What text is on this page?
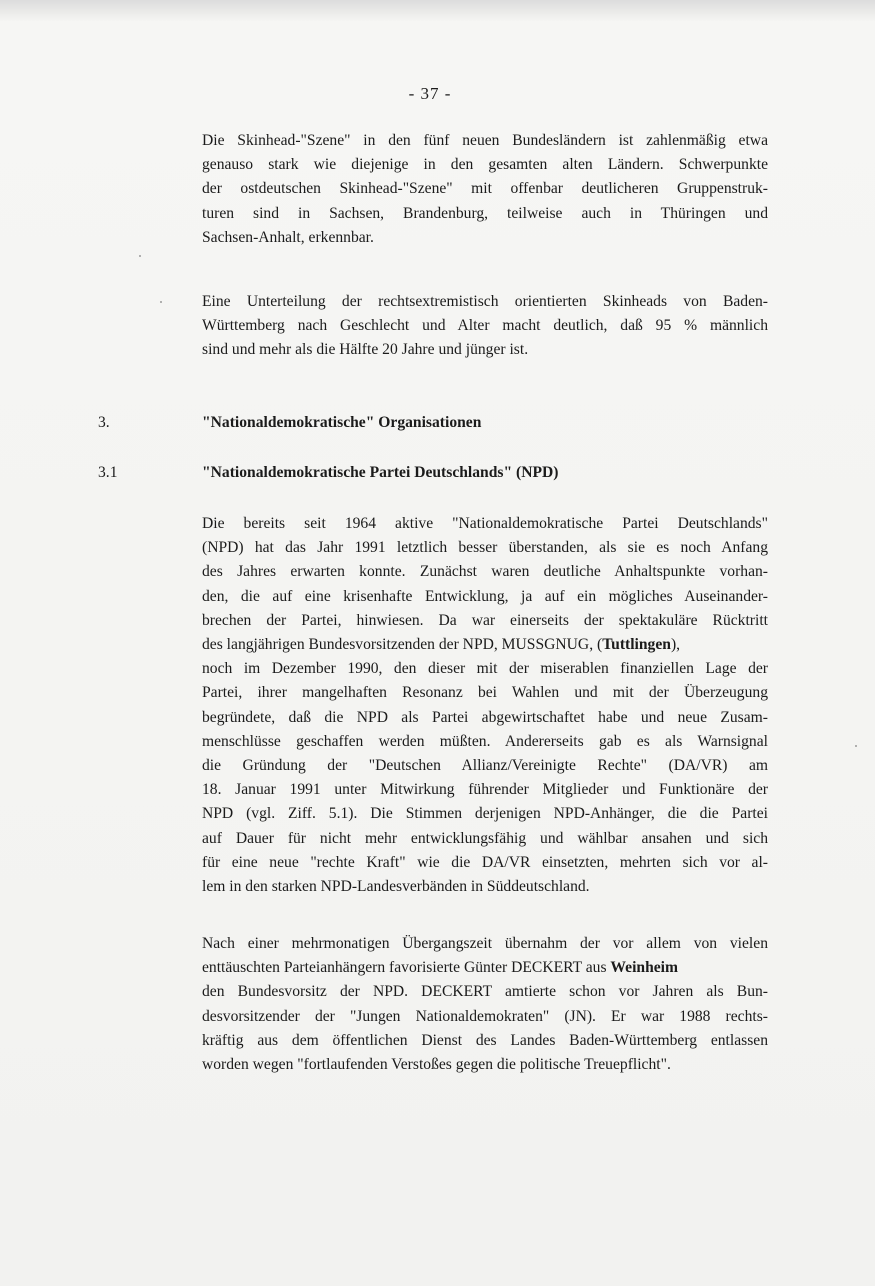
- 37 -
Die Skinhead-"Szene" in den fünf neuen Bundesländern ist zahlenmäßig etwa
genauso stark wie diejenige in den gesamten alten Ländern. Schwerpunkte
der ostdeutschen Skinhead-"Szene" mit offenbar deutlicheren Gruppenstruk-
turen sind in Sachsen, Brandenburg, teilweise auch in Thüringen und
Sachsen-Anhalt, erkennbar.
Eine Unterteilung der rechtsextremistisch orientierten Skinheads von Baden-
Württemberg nach Geschlecht und Alter macht deutlich, daß 95 % männlich
sind und mehr als die Hälfte 20 Jahre und jünger ist.
3.	"Nationaldemokratische" Organisationen
3.1	"Nationaldemokratische Partei Deutschlands" (NPD)
Die bereits seit 1964 aktive "Nationaldemokratische Partei Deutschlands"
(NPD) hat das Jahr 1991 letztlich besser überstanden, als sie es noch Anfang
des Jahres erwarten konnte. Zunächst waren deutliche Anhaltspunkte vorhan-
den, die auf eine krisenhafte Entwicklung, ja auf ein mögliches Auseinander-
brechen der Partei, hinwiesen. Da war einerseits der spektakuläre Rücktritt
des langjährigen Bundesvorsitzenden der NPD, MUSSGNUG, (Tuttlingen),
noch im Dezember 1990, den dieser mit der miserablen finanziellen Lage der
Partei, ihrer mangelhaften Resonanz bei Wahlen und mit der Überzeugung
begründete, daß die NPD als Partei abgewirtschaftet habe und neue Zusam-
menschlüsse geschaffen werden müßten. Andererseits gab es als Warnsignal
die Gründung der "Deutschen Allianz/Vereinigte Rechte" (DA/VR) am
18. Januar 1991 unter Mitwirkung führender Mitglieder und Funktionäre der
NPD (vgl. Ziff. 5.1). Die Stimmen derjenigen NPD-Anhänger, die die Partei
auf Dauer für nicht mehr entwicklungsfähig und wählbar ansahen und sich
für eine neue "rechte Kraft" wie die DA/VR einsetzten, mehrten sich vor al-
lem in den starken NPD-Landesverbänden in Süddeutschland.
Nach einer mehrmonatigen Übergangszeit übernahm der vor allem von vielen
enttäuschten Parteianhängern favorisierte Günter DECKERT aus Weinheim
den Bundesvorsitz der NPD. DECKERT amtierte schon vor Jahren als Bun-
desvorsitzender der "Jungen Nationaldemokraten" (JN). Er war 1988 rechts-
kräftig aus dem öffentlichen Dienst des Landes Baden-Württemberg entlassen
worden wegen "fortlaufenden Verstoßes gegen die politische Treuepflicht".
